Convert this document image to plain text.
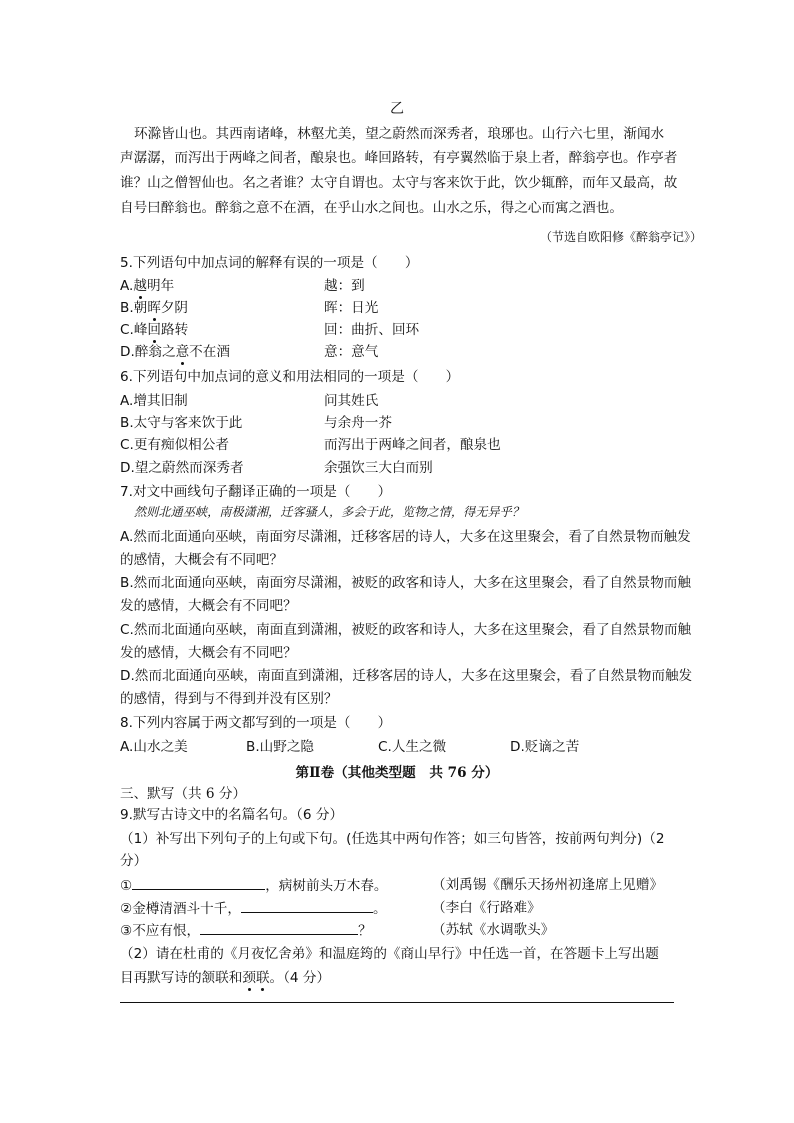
乙
环滁皆山也。其西南诸峰，林壑尤美，望之蔚然而深秀者，琅琊也。山行六七里，渐闻水
声潺潺，而泻出于两峰之间者，酿泉也。峰回路转，有亭翼然临于泉上者，醉翁亭也。作亭者
谁？山之僧智仙也。名之者谁？太守自谓也。太守与客来饮于此，饮少辄醉，而年又最高，故
自号曰醉翁也。醉翁之意不在酒，在乎山水之间也。山水之乐，得之心而寓之酒也。
（节选自欧阳修《醉翁亭记》）
5.下列语句中加点词的解释有误的一项是（　　）
A.越明年	越：到
B.朝晖夕阴	晖：日光
C.峰回路转	回：曲折、回环
D.醉翁之意不在酒	意：意气
6.下列语句中加点词的意义和用法相同的一项是（　　）
A.增其旧制	问其姓氏
B.太守与客来饮于此	与余舟一芥
C.更有痴似相公者	而泻出于两峰之间者，酿泉也
D.望之蔚然而深秀者	余强饮三大白而别
7.对文中画线句子翻译正确的一项是（　　）
然则北通巫峡，南极潇湘，迁客骚人，多会于此，览物之情，得无异乎？
A.然而北面通向巫峡，南面穷尽潇湘，迁移客居的诗人，大多在这里聚会，看了自然景物而触发
的感情，大概会有不同吧？
B.然而北面通向巫峡，南面穷尽潇湘，被贬的政客和诗人，大多在这里聚会，看了自然景物而触
发的感情，大概会有不同吧？
C.然而北面通向巫峡，南面直到潇湘，被贬的政客和诗人，大多在这里聚会，看了自然景物而触
发的感情，大概会有不同吧？
D.然而北面通向巫峡，南面直到潇湘，迁移客居的诗人，大多在这里聚会，看了自然景物而触发
的感情，得到与不得到并没有区别？
8.下列内容属于两文都写到的一项是（　　）
A.山水之美	B.山野之隐	C.人生之微	D.贬谪之苦
第Ⅱ卷（其他类型题　共 76 分）
三、默写（共 6 分）
9.默写古诗文中的名篇名句。（6 分）
（1）补写出下列句子的上句或下句。(任选其中两句作答；如三句皆答，按前两句判分)（2
分）
①	，病树前头万木春。	（刘禹锡《酬乐天扬州初逢席上见赠》
②金樽清酒斗十千，	。	（李白《行路难》
③不应有恨，	？	（苏轼《水调歌头》
（2）请在杜甫的《月夜忆舍弟》和温庭筠的《商山早行》中任选一首，在答题卡上写出题
目再默写诗的颔联和颈联。（4 分）
